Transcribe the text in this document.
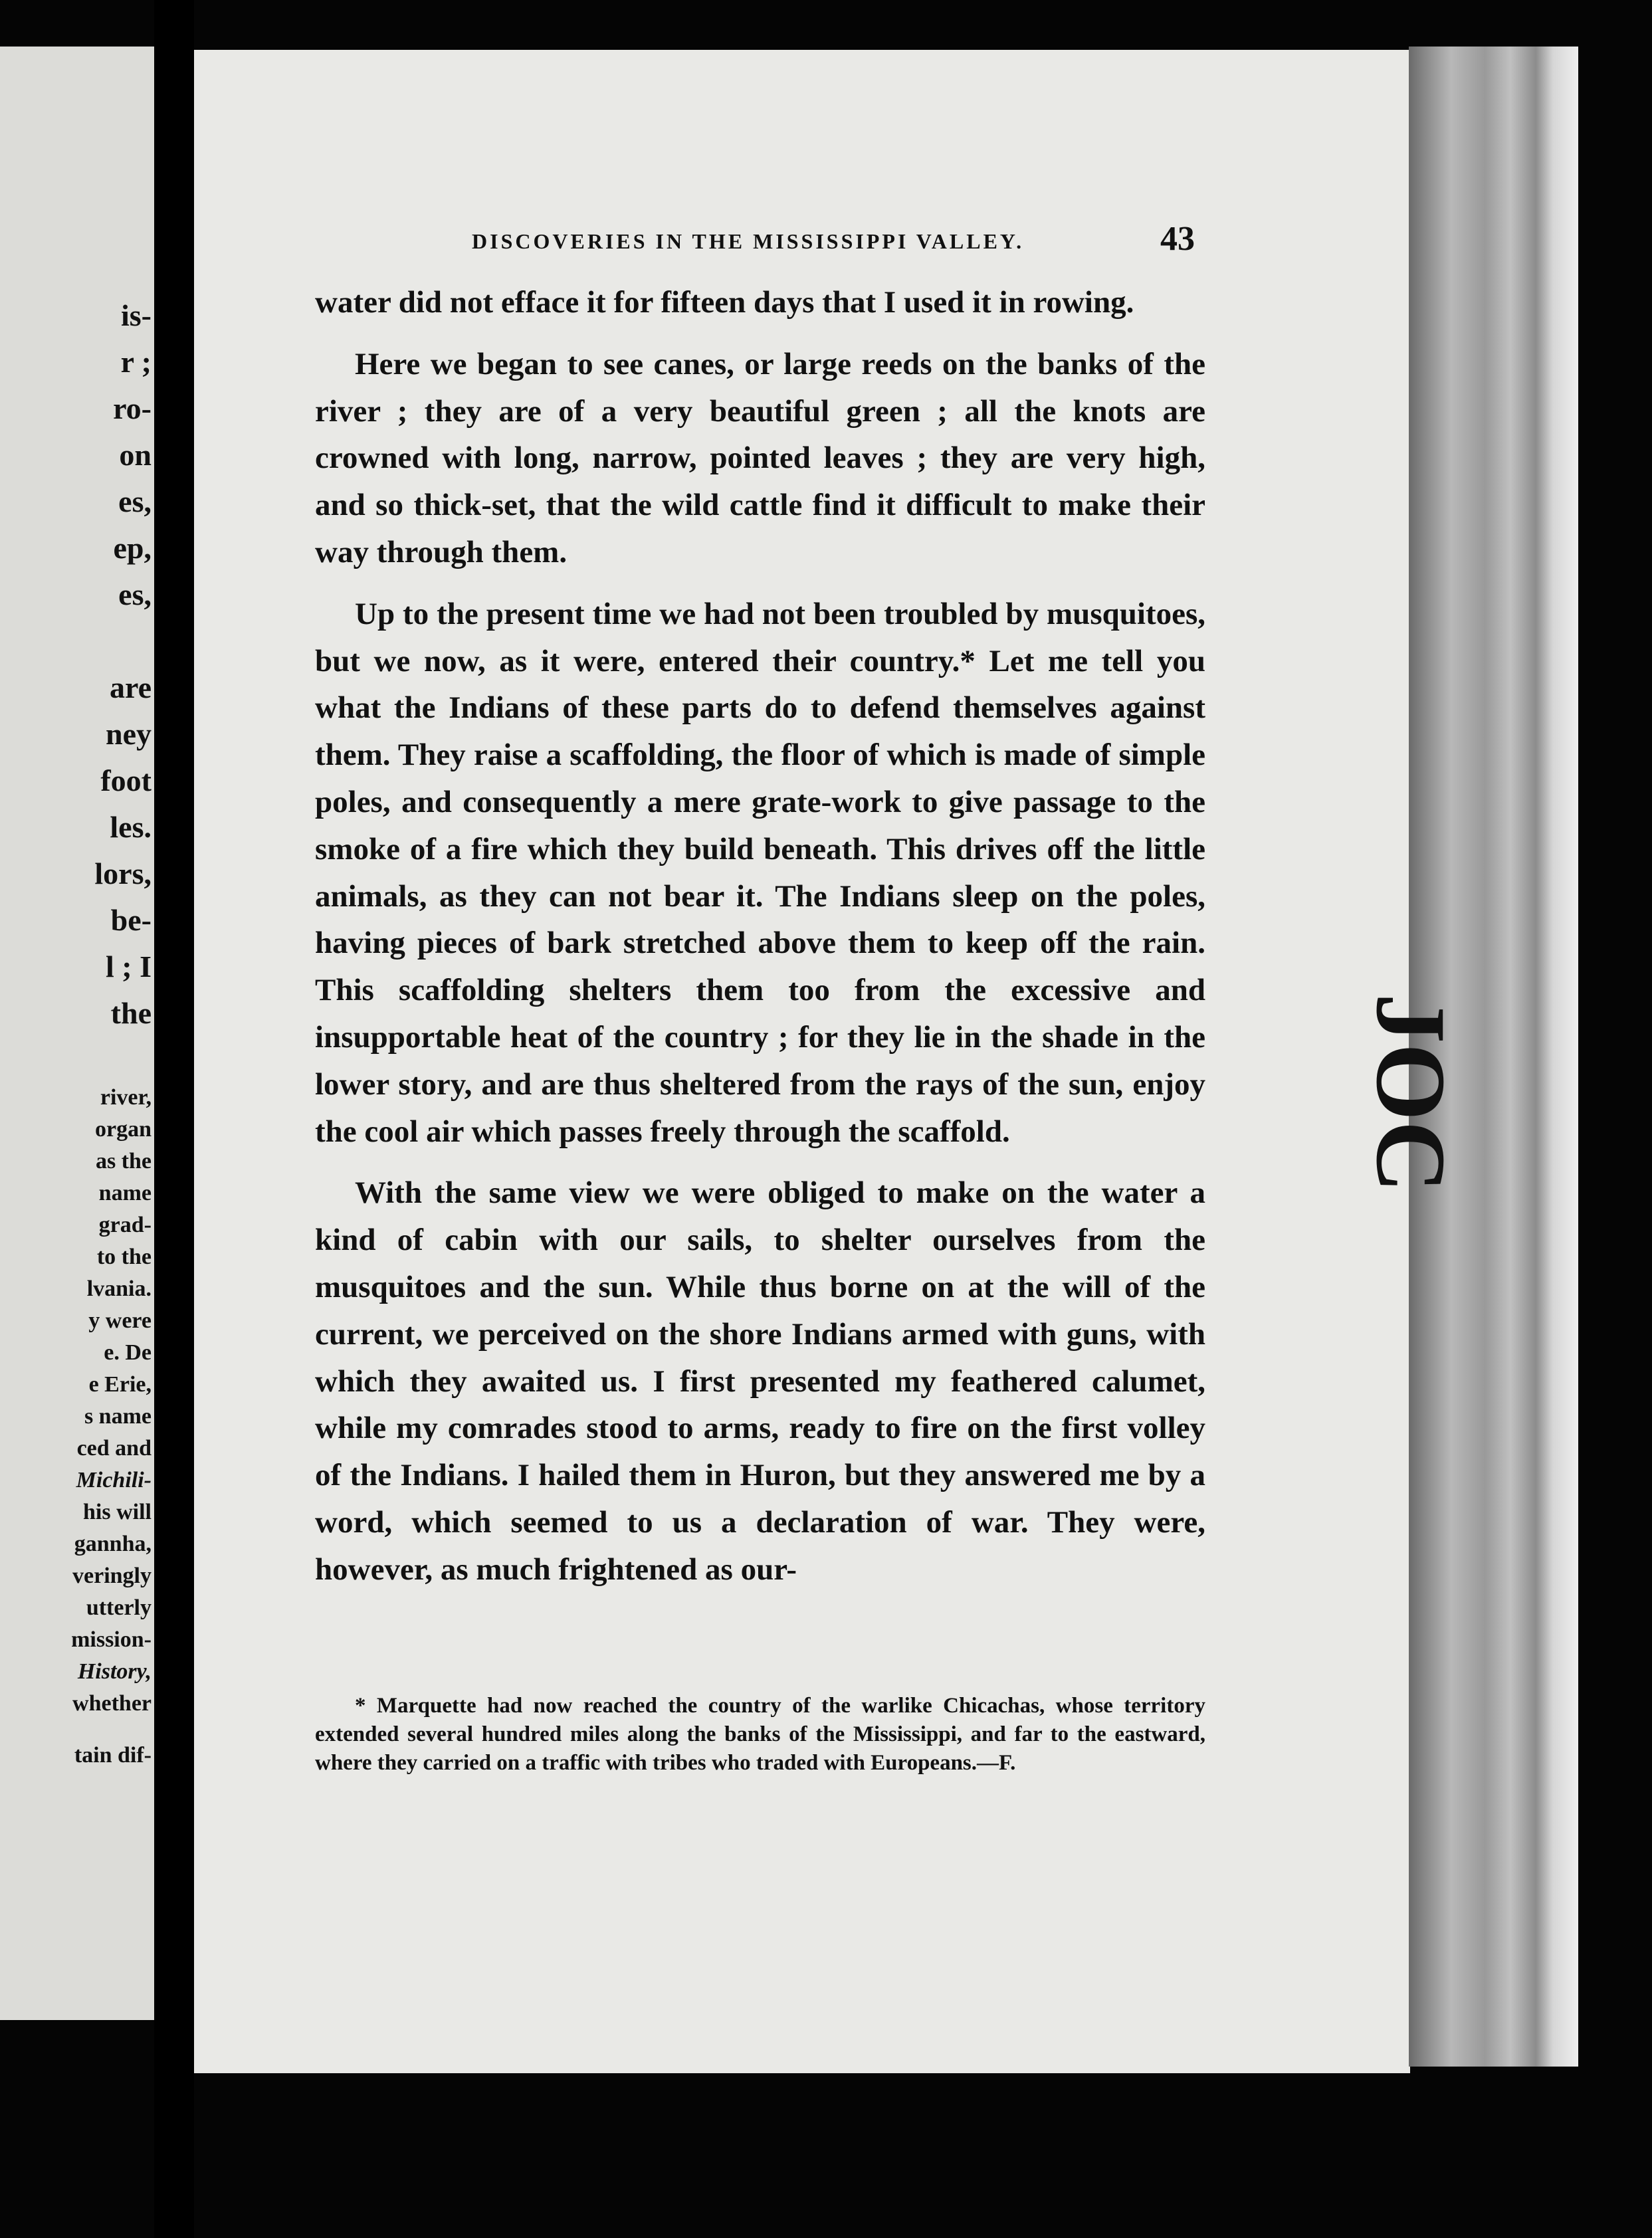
is-
r ;
ro-
on
es,
ep,
es,
are
ney
foot
les.
lors,
be-
l ; I
the
river,
organ
as the
name
grad-
to the
lvania.
y were
e. De
e Erie,
s name
ced and
Michili-
his will
gannha,
veringly
utterly
mission-
History,
whether
tain dif-
JOC
DISCOVERIES IN THE MISSISSIPPI VALLEY.	43

water did not efface it for fifteen days that I used it in rowing.

Here we began to see canes, or large reeds on the banks of the river ; they are of a very beautiful green ; all the knots are crowned with long, narrow, pointed leaves ; they are very high, and so thick-set, that the wild cattle find it difficult to make their way through them.

Up to the present time we had not been troubled by musquitoes, but we now, as it were, entered their country.* Let me tell you what the Indians of these parts do to defend themselves against them. They raise a scaffolding, the floor of which is made of simple poles, and consequently a mere grate-work to give passage to the smoke of a fire which they build beneath. This drives off the little animals, as they can not bear it. The Indians sleep on the poles, having pieces of bark stretched above them to keep off the rain. This scaffolding shelters them too from the excessive and insupportable heat of the country ; for they lie in the shade in the lower story, and are thus sheltered from the rays of the sun, enjoy the cool air which passes freely through the scaffold.

With the same view we were obliged to make on the water a kind of cabin with our sails, to shelter ourselves from the musquitoes and the sun. While thus borne on at the will of the current, we perceived on the shore Indians armed with guns, with which they awaited us. I first presented my feathered calumet, while my comrades stood to arms, ready to fire on the first volley of the Indians. I hailed them in Huron, but they answered me by a word, which seemed to us a declaration of war. They were, however, as much frightened as our-

* Marquette had now reached the country of the warlike Chicachas, whose territory extended several hundred miles along the banks of the Mississippi, and far to the eastward, where they carried on a traffic with tribes who traded with Europeans.—F.
